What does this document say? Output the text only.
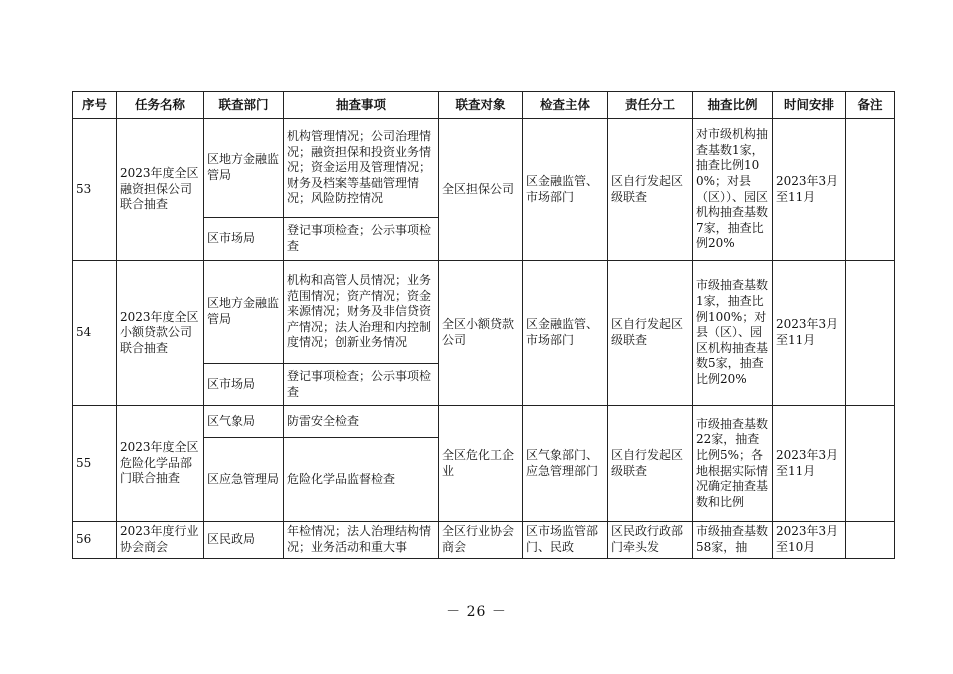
序号	任务名称	联查部门	抽查事项	联查对象	检查主体	责任分工	抽查比例	时间安排	备注
53	2023年度全区融资担保公司联合抽查	区地方金融监管局	机构管理情况；公司治理情况；融资担保和投资业务情况；资金运用及管理情况；财务及档案等基础管理情况；风险防控情况	全区担保公司	区金融监管、市场部门	区自行发起区级联查	对市级机构抽查基数1家，抽查比例100%；对县（区））、园区机构抽查基数7家，抽查比例20%	2023年3月至11月	
		区市场局	登记事项检查；公示事项检查						
54	2023年度全区小额贷款公司联合抽查	区地方金融监管局	机构和高管人员情况；业务范围情况；资产情况；资金来源情况；财务及非信贷资产情况；法人治理和内控制度情况；创新业务情况	全区小额贷款公司	区金融监管、市场部门	区自行发起区级联查	市级抽查基数1家，抽查比例100%；对县（区）、园区机构抽查基数5家，抽查比例20%	2023年3月至11月	
		区市场局	登记事项检查；公示事项检查						
55	2023年度全区危险化学品部门联合抽查	区气象局	防雷安全检查	全区危化工企业	区气象部门、应急管理部门	区自行发起区级联查	市级抽查基数22家，抽查比例5%；各地根据实际情况确定抽查基数和比例	2023年3月至11月	
		区应急管理局	危险化学品监督检查						
56	2023年度行业协会商会	区民政局	年检情况；法人治理结构情况；业务活动和重大事	全区行业协会商会	区市场监管部门、民政	区民政行政部门牵头发	市级抽查基数58家，抽	2023年3月至10月	
－ 26 －
